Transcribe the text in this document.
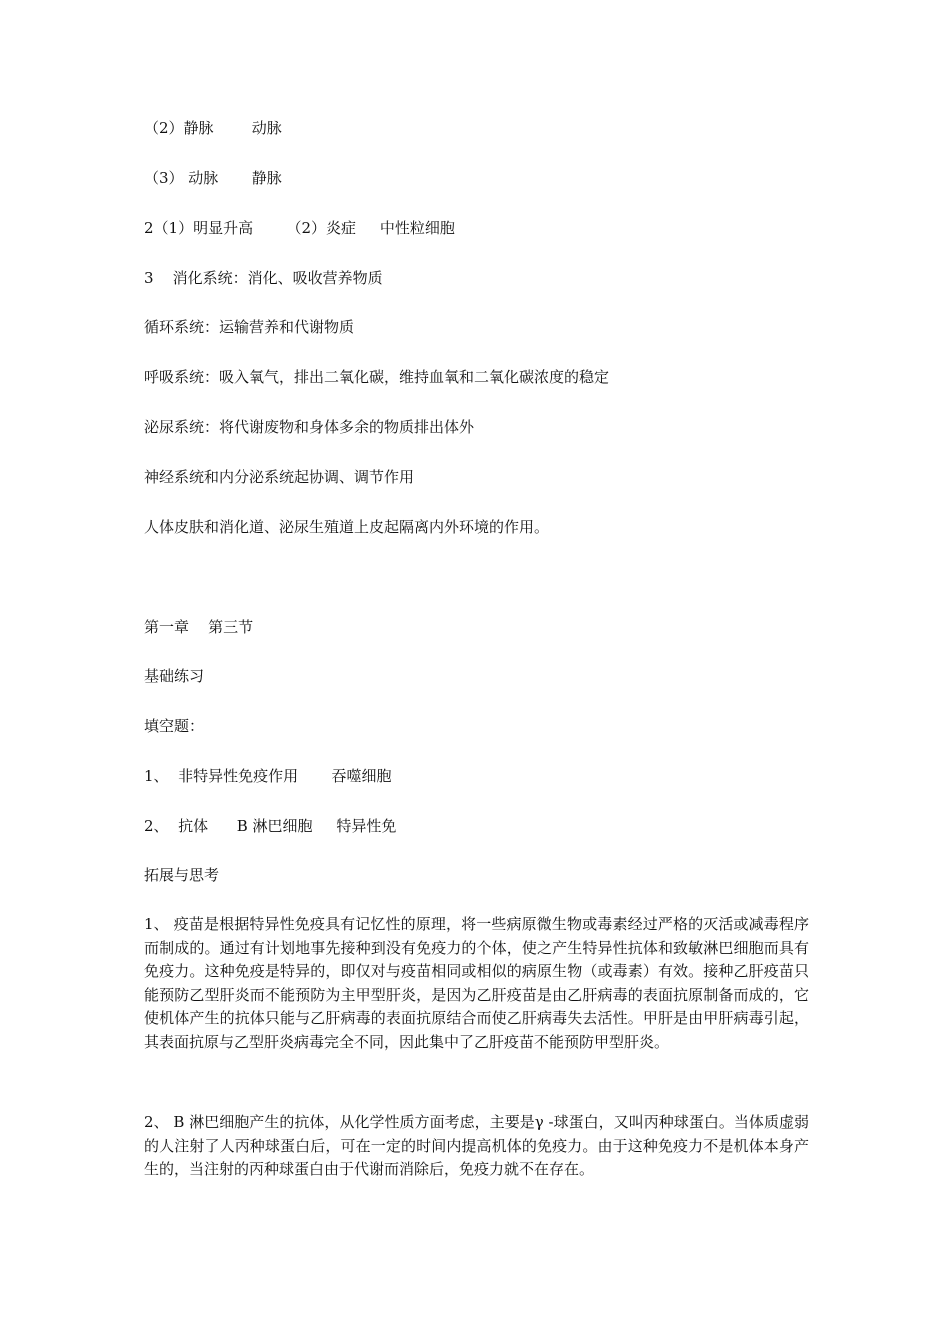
（2）静脉        动脉
（3） 动脉       静脉
2（1）明显升高       （2）炎症     中性粒细胞
3    消化系统：消化、吸收营养物质
循环系统：运输营养和代谢物质
呼吸系统：吸入氧气，排出二氧化碳，维持血氧和二氧化碳浓度的稳定
泌尿系统：将代谢废物和身体多余的物质排出体外
神经系统和内分泌系统起协调、调节作用
人体皮肤和消化道、泌尿生殖道上皮起隔离内外环境的作用。
第一章    第三节
基础练习
填空题：
1、  非特异性免疫作用       吞噬细胞
2、  抗体      B 淋巴细胞     特异性免
拓展与思考
1、 疫苗是根据特异性免疫具有记忆性的原理，将一些病原微生物或毒素经过严格的灭活或减毒程序而制成的。通过有计划地事先接种到没有免疫力的个体，使之产生特异性抗体和致敏淋巴细胞而具有免疫力。这种免疫是特异的，即仅对与疫苗相同或相似的病原生物（或毒素）有效。接种乙肝疫苗只能预防乙型肝炎而不能预防为主甲型肝炎，是因为乙肝疫苗是由乙肝病毒的表面抗原制备而成的，它使机体产生的抗体只能与乙肝病毒的表面抗原结合而使乙肝病毒失去活性。甲肝是由甲肝病毒引起，其表面抗原与乙型肝炎病毒完全不同，因此集中了乙肝疫苗不能预防甲型肝炎。
2、 B 淋巴细胞产生的抗体，从化学性质方面考虑，主要是γ -球蛋白，又叫丙种球蛋白。当体质虚弱的人注射了人丙种球蛋白后，可在一定的时间内提高机体的免疫力。由于这种免疫力不是机体本身产生的，当注射的丙种球蛋白由于代谢而消除后，免疫力就不在存在。
